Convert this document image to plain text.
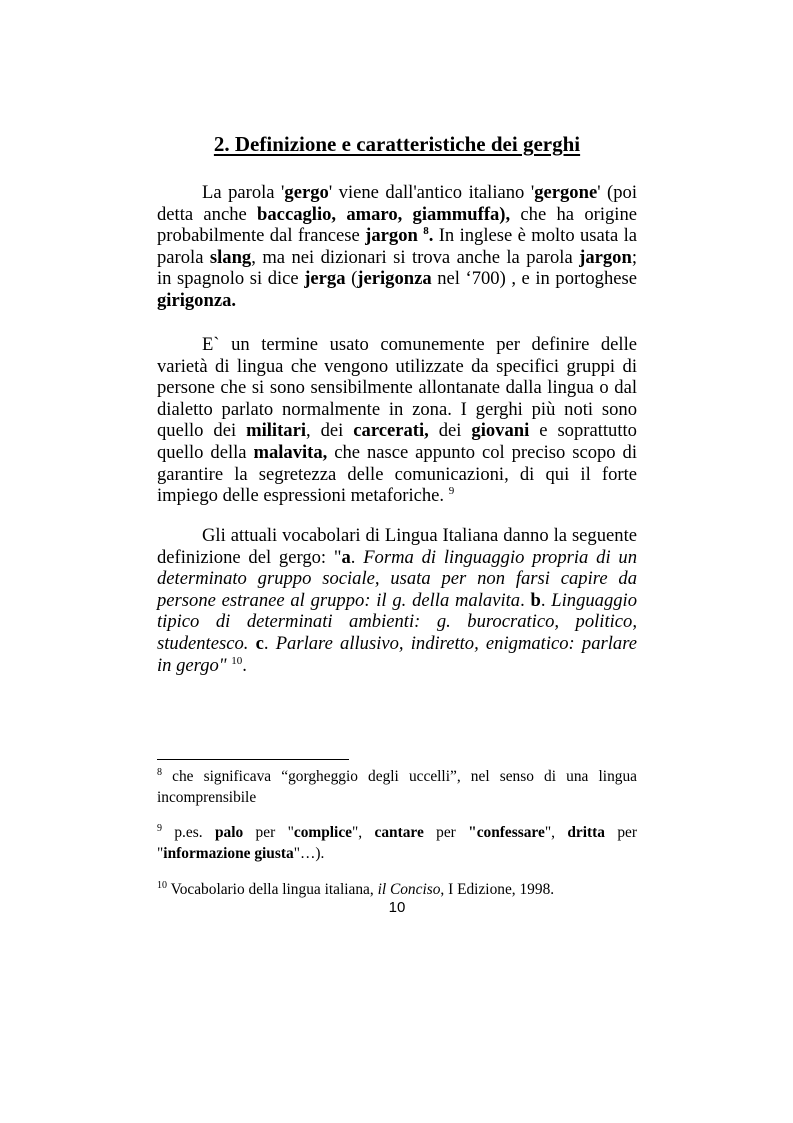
2. Definizione e caratteristiche dei gerghi

La parola 'gergo' viene dall'antico italiano 'gergone' (poi detta anche baccaglio, amaro, giammuffa), che ha origine probabilmente dal francese jargon $^8$. In inglese è molto usata la parola slang, ma nei dizionari si trova anche la parola jargon; in spagnolo si dice jerga (jerigonza nel ‘700) , e in portoghese girigonza.

E` un termine usato comunemente per definire delle varietà di lingua che vengono utilizzate da specifici gruppi di persone che si sono sensibilmente allontanate dalla lingua o dal dialetto parlato normalmente in zona. I gerghi più noti sono quello dei militari, dei carcerati, dei giovani e soprattutto quello della malavita, che nasce appunto col preciso scopo di garantire la segretezza delle comunicazioni, di qui il forte impiego delle espressioni metaforiche. $^9$

Gli attuali vocabolari di Lingua Italiana danno la seguente definizione del gergo: "a. Forma di linguaggio propria di un determinato gruppo sociale, usata per non farsi capire da persone estranee al gruppo: il g. della malavita. b. Linguaggio tipico di determinati ambienti: g. burocratico, politico, studentesco. c. Parlare allusivo, indiretto, enigmatico: parlare in gergo" $^{10}$.

$^8$ che significava “gorgheggio degli uccelli”, nel senso di una lingua incomprensibile

$^9$ p.es. palo per "complice", cantare per "confessare", dritta per "informazione giusta"…).

$^{10}$ Vocabolario della lingua italiana, il Conciso, I Edizione, 1998.

10
